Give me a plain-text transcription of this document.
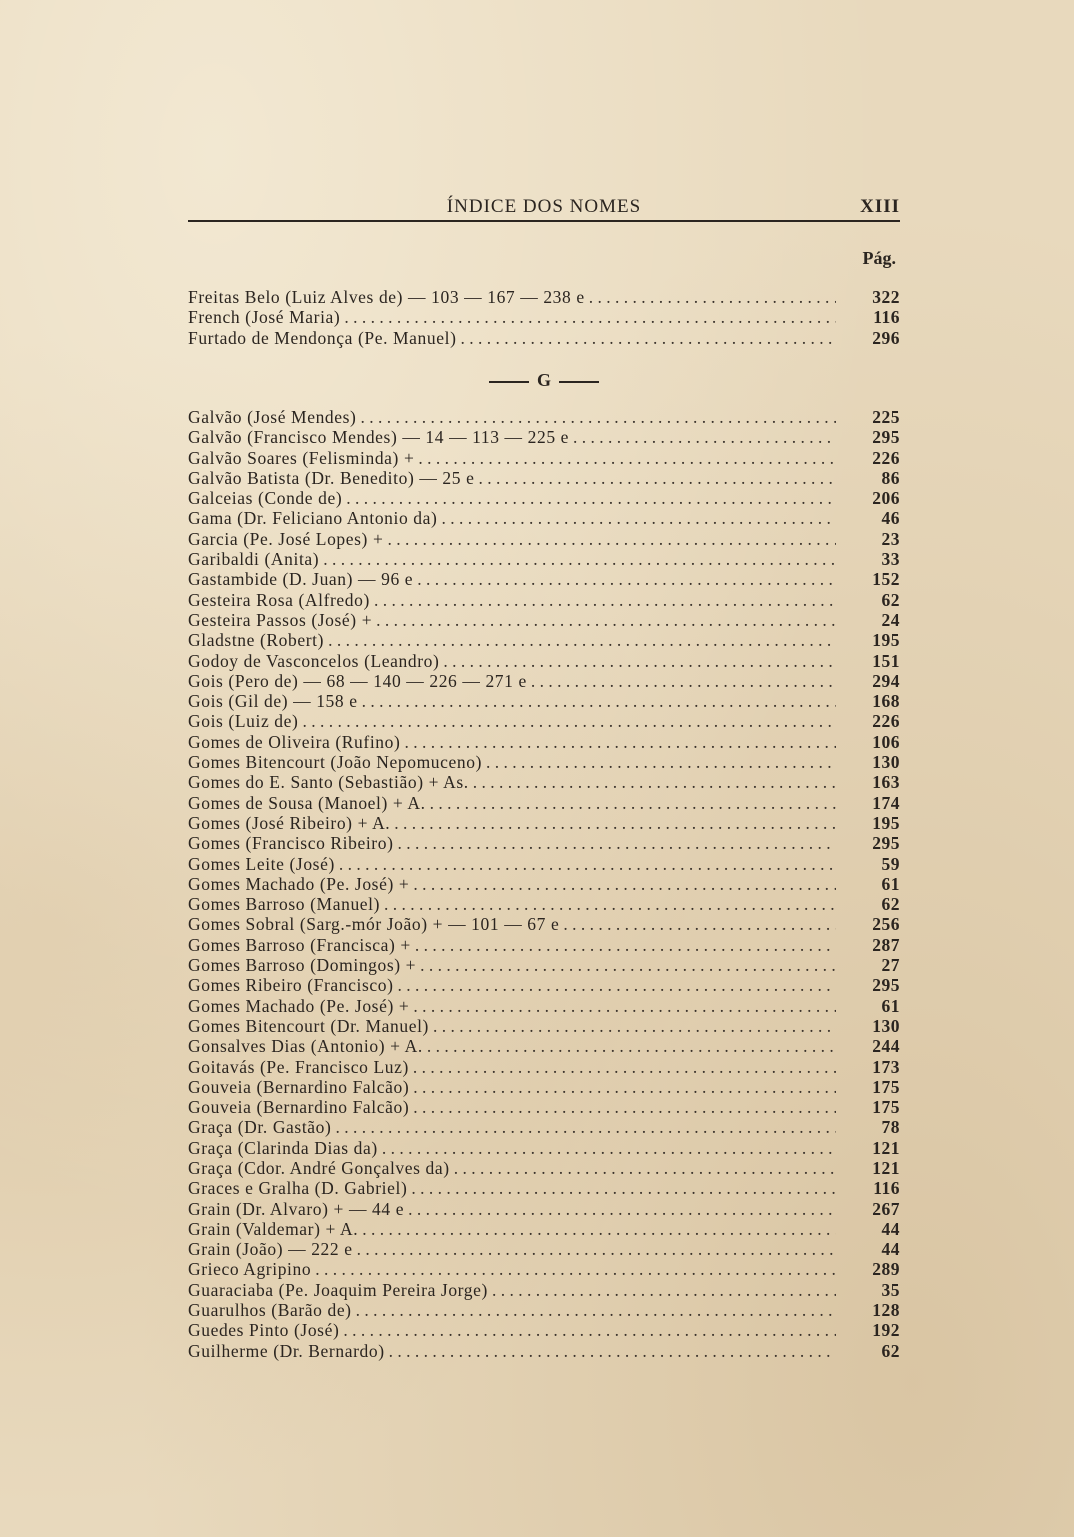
ÍNDICE DOS NOMES	XIII
Pág.
Freitas Belo (Luiz Alves de) — 103 — 167 — 238 e . . .	322
French (José Maria) . . .	116
Furtado de Mendonça (Pe. Manuel) . . .	296
G
Galvão (José Mendes) . . .	225
Galvão (Francisco Mendes) — 14 — 113 — 225 e . . .	295
Galvão Soares (Felisminda) + . . .	226
Galvão Batista (Dr. Benedito) — 25 e . . .	86
Galceias (Conde de) . . .	206
Gama (Dr. Feliciano Antonio da) . . .	46
Garcia (Pe. José Lopes) + . . .	23
Garibaldi (Anita) . . .	33
Gastambide (D. Juan) — 96 e . . .	152
Gesteira Rosa (Alfredo) . . .	62
Gesteira Passos (José) + . . .	24
Gladstne (Robert) . . .	195
Godoy de Vasconcelos (Leandro) . . .	151
Gois (Pero de) — 68 — 140 — 226 — 271 e . . .	294
Gois (Gil de) — 158 e . . .	168
Gois (Luiz de) . . .	226
Gomes de Oliveira (Rufino) . . .	106
Gomes Bitencourt (João Nepomuceno) . . .	130
Gomes do E. Santo (Sebastião) + As. . . .	163
Gomes de Sousa (Manoel) + A. . . .	174
Gomes (José Ribeiro) + A. . . .	195
Gomes (Francisco Ribeiro) . . .	295
Gomes Leite (José) . . .	59
Gomes Machado (Pe. José) + . . .	61
Gomes Barroso (Manuel) . . .	62
Gomes Sobral (Sarg.-mór João) + — 101 — 67 e . . .	256
Gomes Barroso (Francisca) + . . .	287
Gomes Barroso (Domingos) + . . .	27
Gomes Ribeiro (Francisco) . . .	295
Gomes Machado (Pe. José) + . . .	61
Gomes Bitencourt (Dr. Manuel) . . .	130
Gonsalves Dias (Antonio) + A. . . .	244
Goitavás (Pe. Francisco Luz) . . .	173
Gouveia (Bernardino Falcão) . . .	175
Gouveia (Bernardino Falcão) . . .	175
Graça (Dr. Gastão) . . .	78
Graça (Clarinda Dias da) . . .	121
Graça (Cdor. André Gonçalves da) . . .	121
Graces e Gralha (D. Gabriel) . . .	116
Grain (Dr. Alvaro) + — 44 e . . .	267
Grain (Valdemar) + A. . . .	44
Grain (João) — 222 e . . .	44
Grieco Agripino . . .	289
Guaraciaba (Pe. Joaquim Pereira Jorge) . . .	35
Guarulhos (Barão de) . . .	128
Guedes Pinto (José) . . .	192
Guilherme (Dr. Bernardo) . . .	62
